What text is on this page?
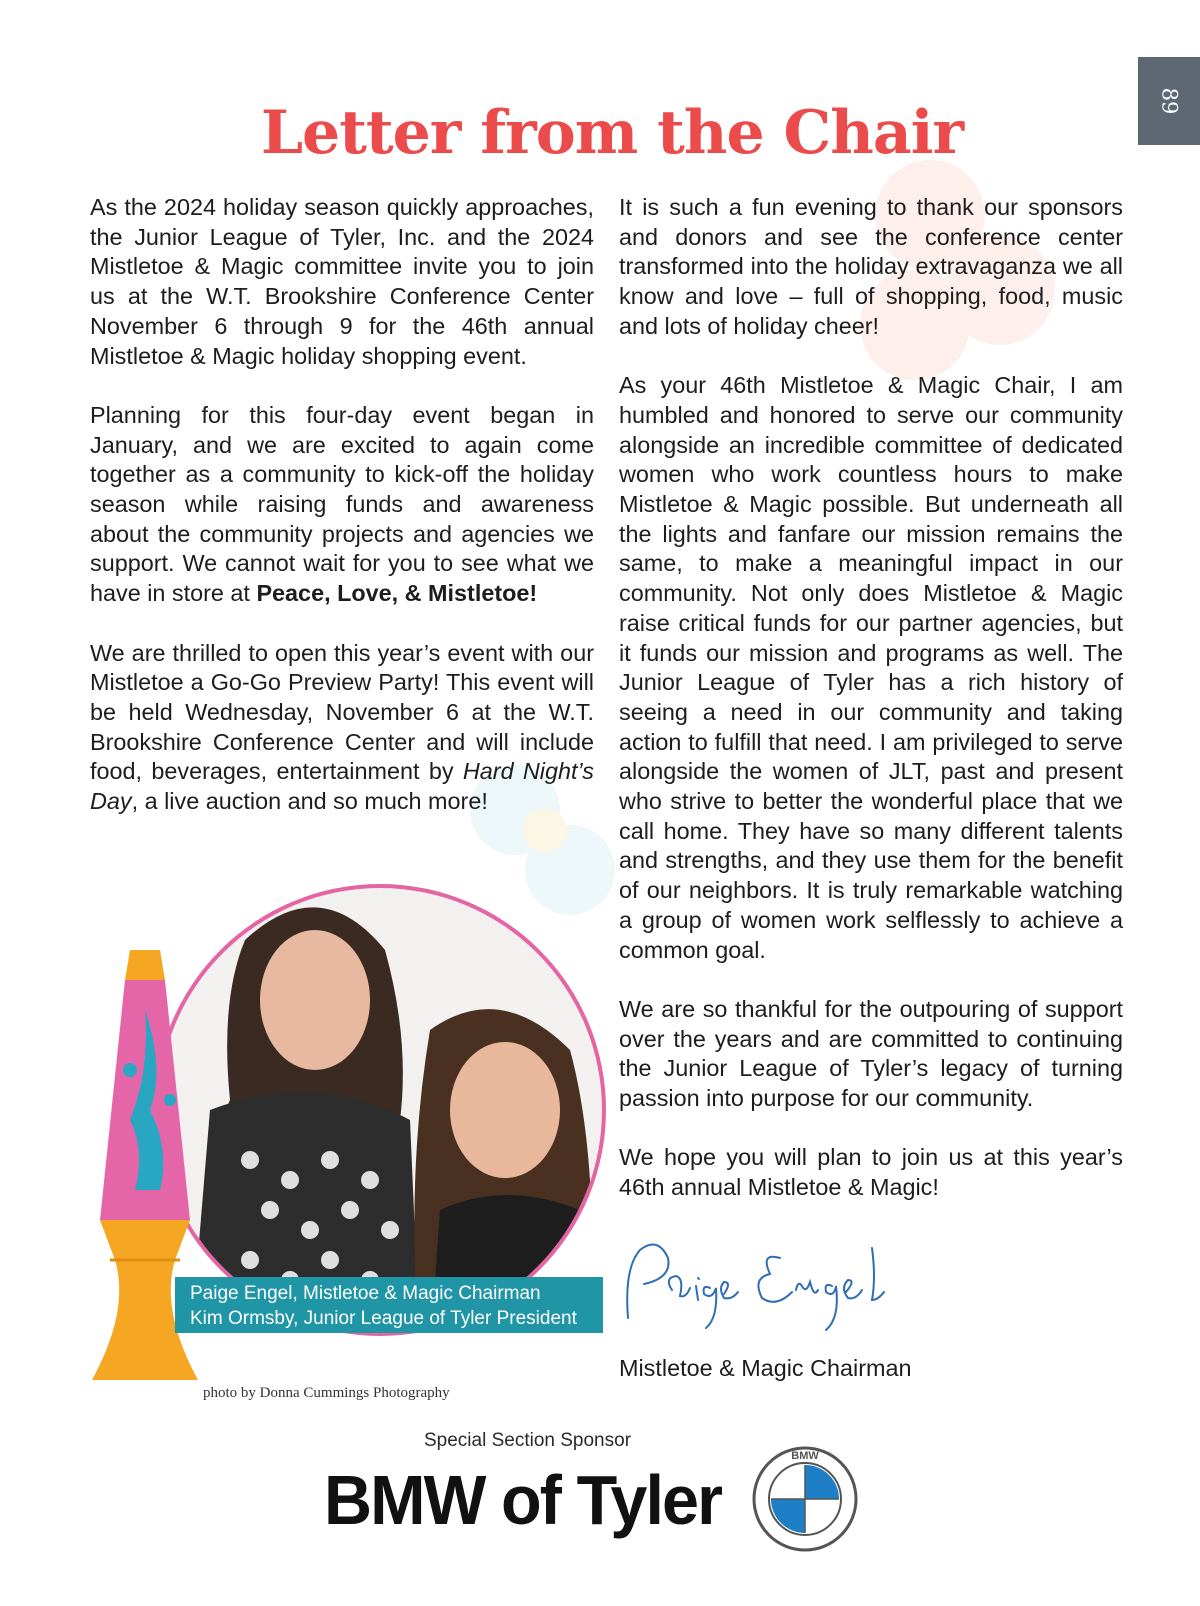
89
Letter from the Chair

As the 2024 holiday season quickly approaches, the Junior League of Tyler, Inc. and the 2024 Mistletoe & Magic committee invite you to join us at the W.T. Brookshire Conference Center November 6 through 9 for the 46th annual Mistletoe & Magic holiday shopping event.

Planning for this four-day event began in January, and we are excited to again come together as a community to kick-off the holiday season while raising funds and awareness about the community projects and agencies we support. We cannot wait for you to see what we have in store at Peace, Love, & Mistletoe!

We are thrilled to open this year’s event with our Mistletoe a Go-Go Preview Party! This event will be held Wednesday, November 6 at the W.T. Brookshire Conference Center and will include food, beverages, entertainment by Hard Night’s Day, a live auction and so much more!

It is such a fun evening to thank our sponsors and donors and see the conference center transformed into the holiday extravaganza we all know and love – full of shopping, food, music and lots of holiday cheer!

As your 46th Mistletoe & Magic Chair, I am humbled and honored to serve our community alongside an incredible committee of dedicated women who work countless hours to make Mistletoe & Magic possible. But underneath all the lights and fanfare our mission remains the same, to make a meaningful impact in our community. Not only does Mistletoe & Magic raise critical funds for our partner agencies, but it funds our mission and programs as well. The Junior League of Tyler has a rich history of seeing a need in our community and taking action to fulfill that need. I am privileged to serve alongside the women of JLT, past and present who strive to better the wonderful place that we call home. They have so many different talents and strengths, and they use them for the benefit of our neighbors. It is truly remarkable watching a group of women work selflessly to achieve a common goal.

We are so thankful for the outpouring of support over the years and are committed to continuing the Junior League of Tyler’s legacy of turning passion into purpose for our community.

We hope you will plan to join us at this year’s 46th annual Mistletoe & Magic!

Paige Engel, Mistletoe & Magic Chairman
Kim Ormsby, Junior League of Tyler President
photo by Donna Cummings Photography
Mistletoe & Magic Chairman
Special Section Sponsor
BMW of Tyler
BMW
